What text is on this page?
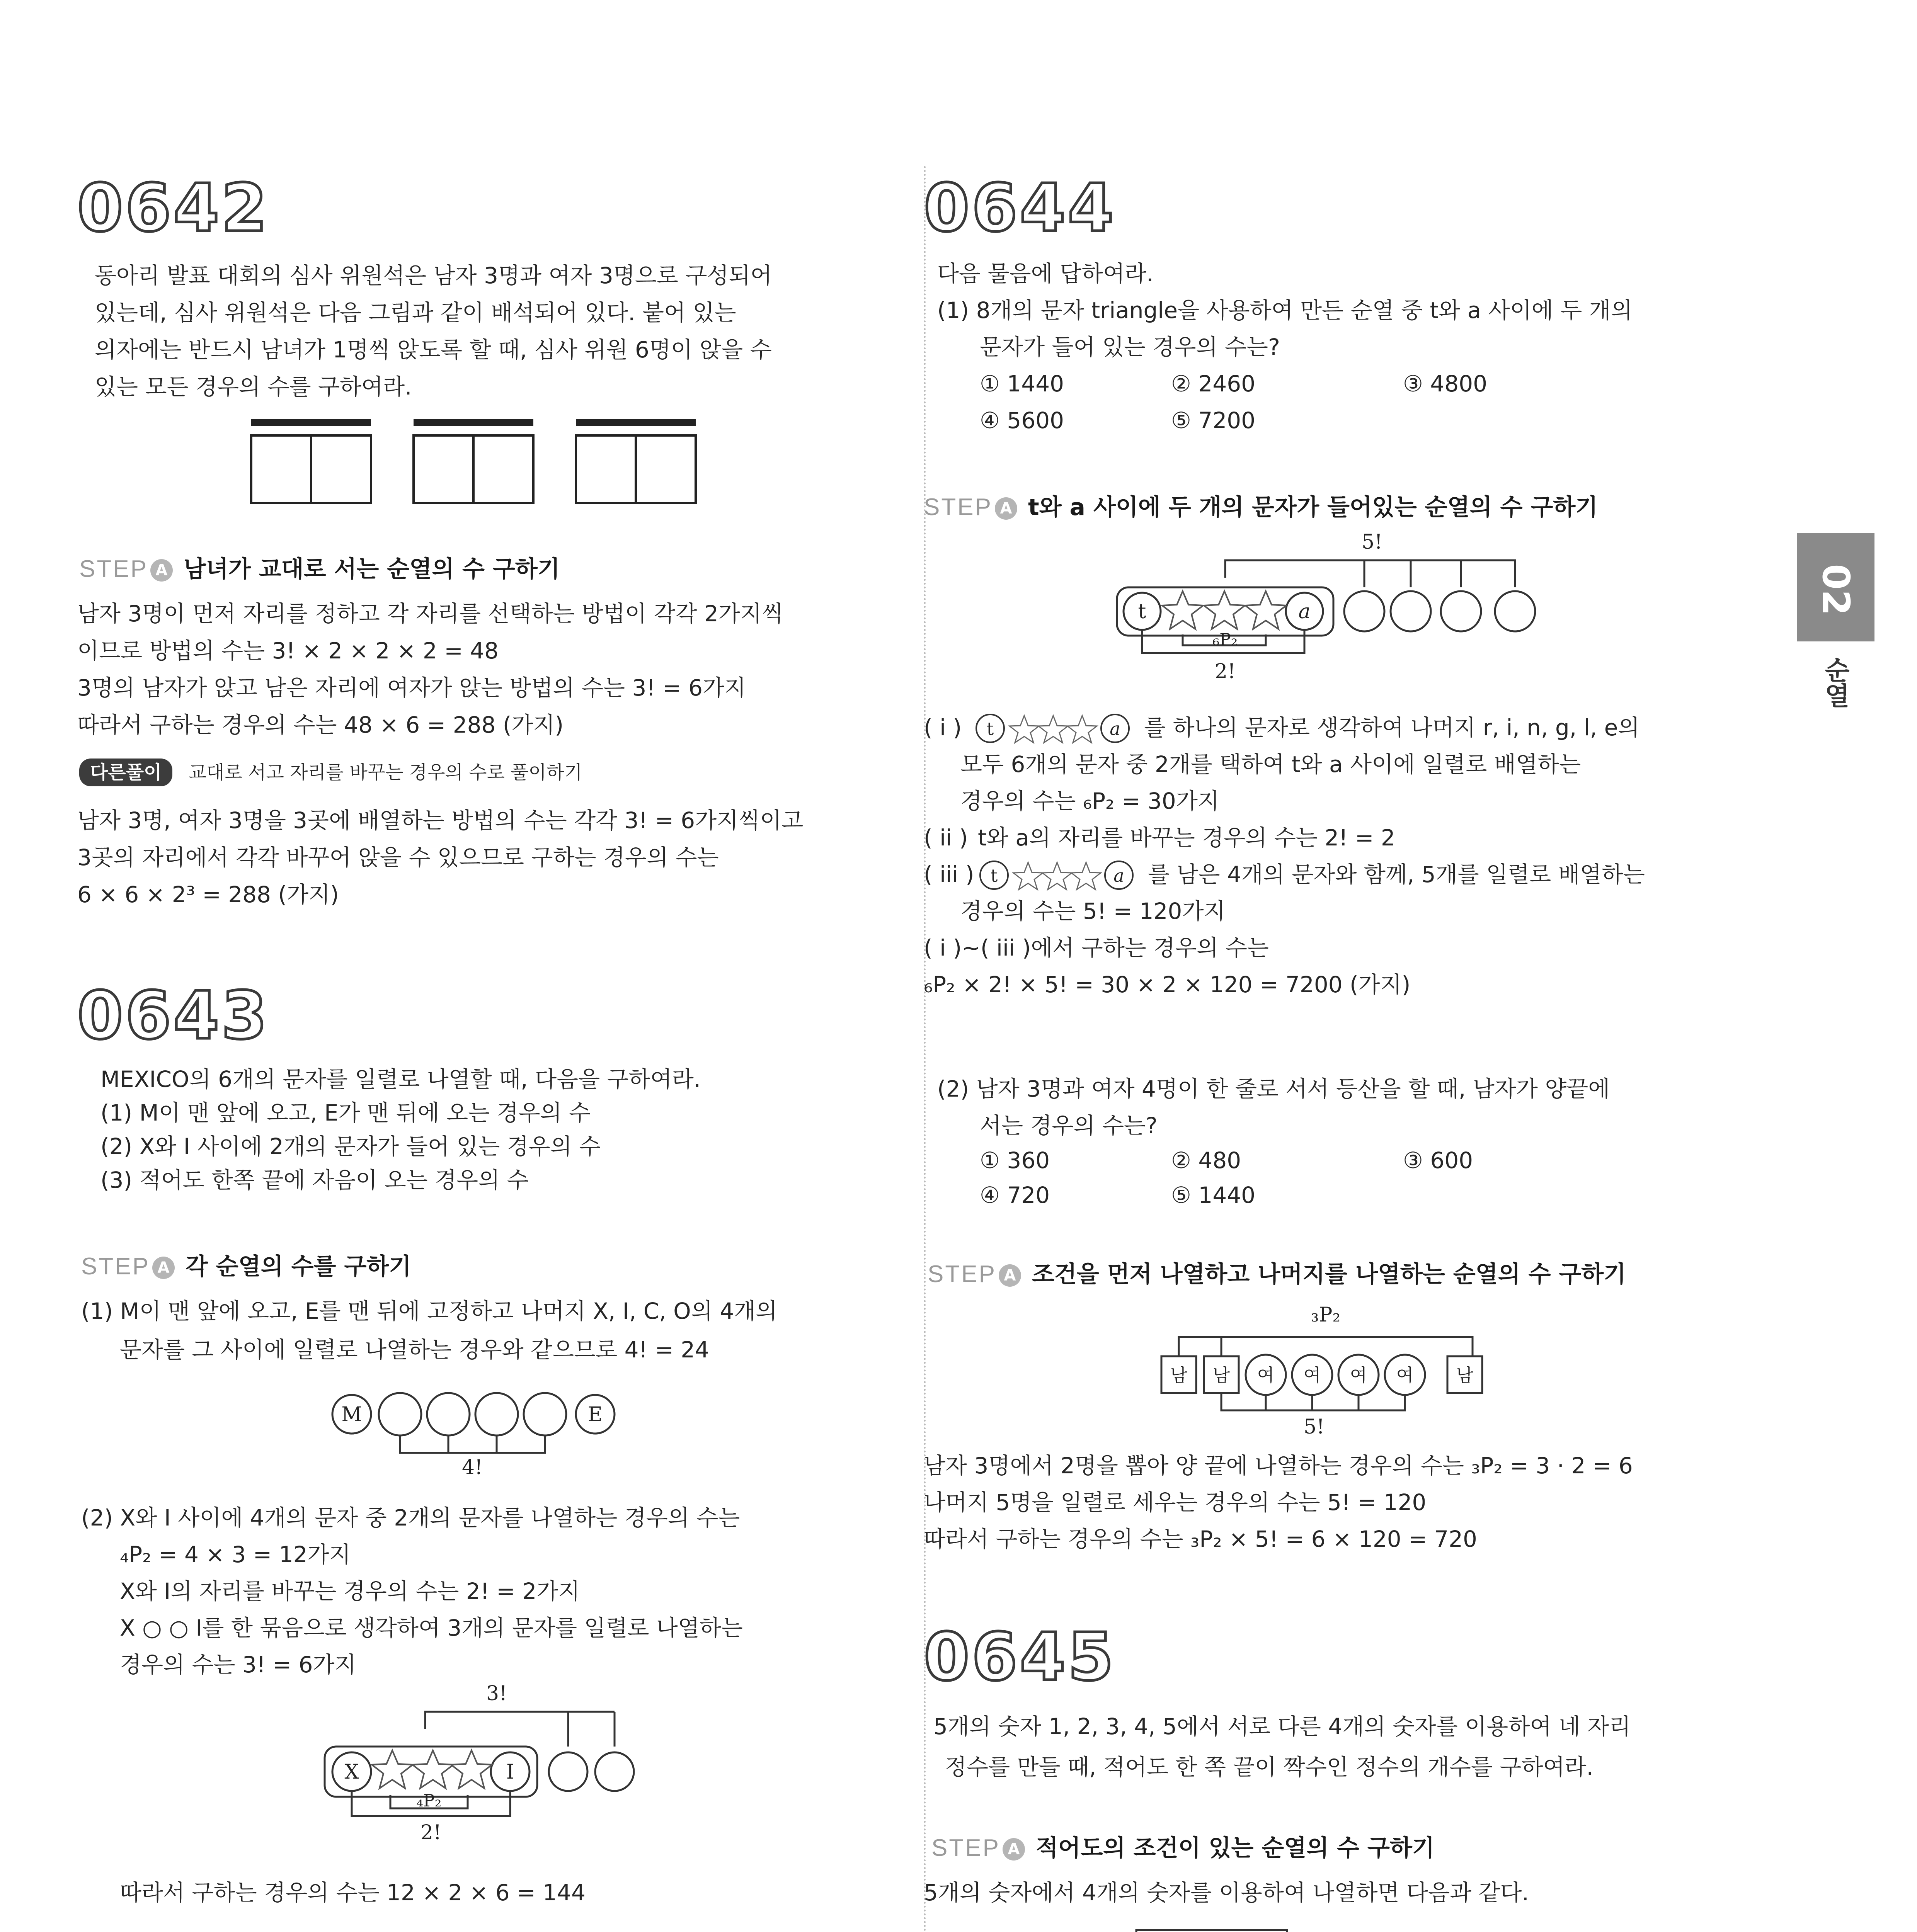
02
순열
0642
동아리 발표 대회의 심사 위원석은 남자 3명과 여자 3명으로 구성되어
있는데, 심사 위원석은 다음 그림과 같이 배석되어 있다. 붙어 있는
의자에는 반드시 남녀가 1명씩 앉도록 할 때, 심사 위원 6명이 앉을 수
있는 모든 경우의 수를 구하여라.
STEP A 남녀가 교대로 서는 순열의 수 구하기
남자 3명이 먼저 자리를 정하고 각 자리를 선택하는 방법이 각각 2가지씩
이므로 방법의 수는 3! × 2 × 2 × 2 = 48
3명의 남자가 앉고 남은 자리에 여자가 앉는 방법의 수는 3! = 6가지
따라서 구하는 경우의 수는 48 × 6 = 288 (가지)
다른풀이 교대로 서고 자리를 바꾸는 경우의 수로 풀이하기
남자 3명, 여자 3명을 3곳에 배열하는 방법의 수는 각각 3! = 6가지씩이고
3곳의 자리에서 각각 바꾸어 앉을 수 있으므로 구하는 경우의 수는
6 × 6 × 2³ = 288 (가지)
0643
MEXICO의 6개의 문자를 일렬로 나열할 때, 다음을 구하여라.
(1) M이 맨 앞에 오고, E가 맨 뒤에 오는 경우의 수
(2) X와 I 사이에 2개의 문자가 들어 있는 경우의 수
(3) 적어도 한쪽 끝에 자음이 오는 경우의 수
STEP A 각 순열의 수를 구하기
(1) M이 맨 앞에 오고, E를 맨 뒤에 고정하고 나머지 X, I, C, O의 4개의
문자를 그 사이에 일렬로 나열하는 경우와 같으므로 4! = 24
M	E
4!
(2) X와 I 사이에 4개의 문자 중 2개의 문자를 나열하는 경우의 수는
₄P₂ = 4 × 3 = 12가지
X와 I의 자리를 바꾸는 경우의 수는 2! = 2가지
X ○ ○ I를 한 묶음으로 생각하여 3개의 문자를 일렬로 나열하는
경우의 수는 3! = 6가지
3!
X	I
₄P₂
2!
따라서 구하는 경우의 수는 12 × 2 × 6 = 144
0644
다음 물음에 답하여라.
(1) 8개의 문자 triangle을 사용하여 만든 순열 중 t와 a 사이에 두 개의
문자가 들어 있는 경우의 수는?
① 1440	② 2460	③ 4800
④ 5600	⑤ 7200
STEP A t와 a 사이에 두 개의 문자가 들어있는 순열의 수 구하기
5!
t	a
₆P₂
2!
( i ) t	a 를 하나의 문자로 생각하여 나머지 r, i, n, g, l, e의
모두 6개의 문자 중 2개를 택하여 t와 a 사이에 일렬로 배열하는
경우의 수는 ₆P₂ = 30가지
( ii ) t와 a의 자리를 바꾸는 경우의 수는 2! = 2
( iii ) t	a 를 남은 4개의 문자와 함께, 5개를 일렬로 배열하는
경우의 수는 5! = 120가지
( i )~( iii )에서 구하는 경우의 수는
₆P₂ × 2! × 5! = 30 × 2 × 120 = 7200 (가지)
(2) 남자 3명과 여자 4명이 한 줄로 서서 등산을 할 때, 남자가 양끝에
서는 경우의 수는?
① 360	② 480	③ 600
④ 720	⑤ 1440
STEP A 조건을 먼저 나열하고 나머지를 나열하는 순열의 수 구하기
₃P₂
남 남 여 여 여 여 남
5!
남자 3명에서 2명을 뽑아 양 끝에 나열하는 경우의 수는 ₃P₂ = 3 · 2 = 6
나머지 5명을 일렬로 세우는 경우의 수는 5! = 120
따라서 구하는 경우의 수는 ₃P₂ × 5! = 6 × 120 = 720
0645
5개의 숫자 1, 2, 3, 4, 5에서 서로 다른 4개의 숫자를 이용하여 네 자리
정수를 만들 때, 적어도 한 쪽 끝이 짝수인 정수의 개수를 구하여라.
STEP A 적어도의 조건이 있는 순열의 수 구하기
5개의 숫자에서 4개의 숫자를 이용하여 나열하면 다음과 같다.
